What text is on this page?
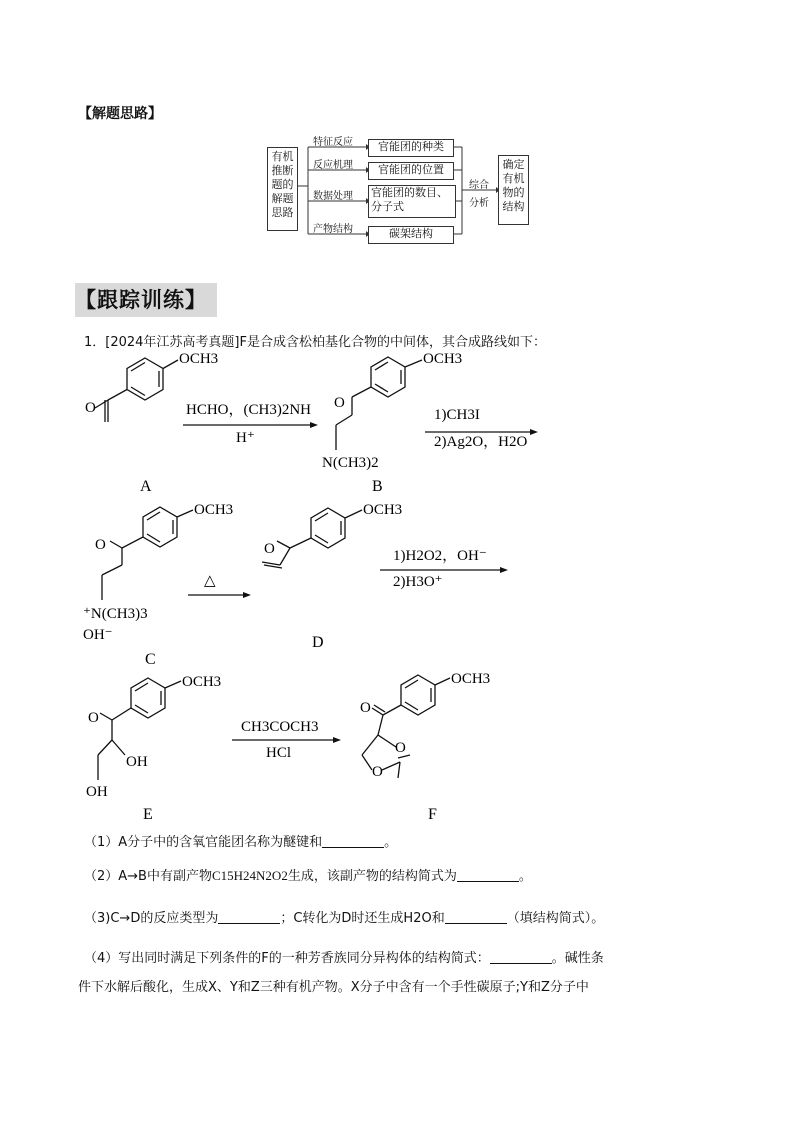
【解题思路】
有机
推断
题的
解题
思路
特征反应
反应机理
数据处理
产物结构
官能团的种类
官能团的位置
官能团的数目、
分子式
碳架结构
综合
分析
确定
有机
物的
结构
【跟踪训练】
1．[2024年江苏高考真题]F是合成含松柏基化合物的中间体，其合成路线如下：
OCH3
O	HCHO，(CH3)2NH
H⁺
A
OCH3
O
N(CH3)2
B
1)CH3I
2)Ag2O，H2O
OCH3
O
⁺N(CH3)3
OH⁻
C
△
OCH3
O
D
1)H2O2，OH⁻
2)H3O⁺
OCH3
O
OH
OH
E
CH3COCH3
HCl
OCH3
O
O
O
F
（1）A分子中的含氧官能团名称为醚键和	。
（2）A→B中有副产物C15H24N2O2生成，该副产物的结构简式为	。
（3)C→D的反应类型为	；C转化为D时还生成H2O和	（填结构简式）。
（4）写出同时满足下列条件的F的一种芳香族同分异构体的结构简式：	。碱性条
件下水解后酸化，生成X、Y和Z三种有机产物。X分子中含有一个手性碳原子;Y和Z分子中
